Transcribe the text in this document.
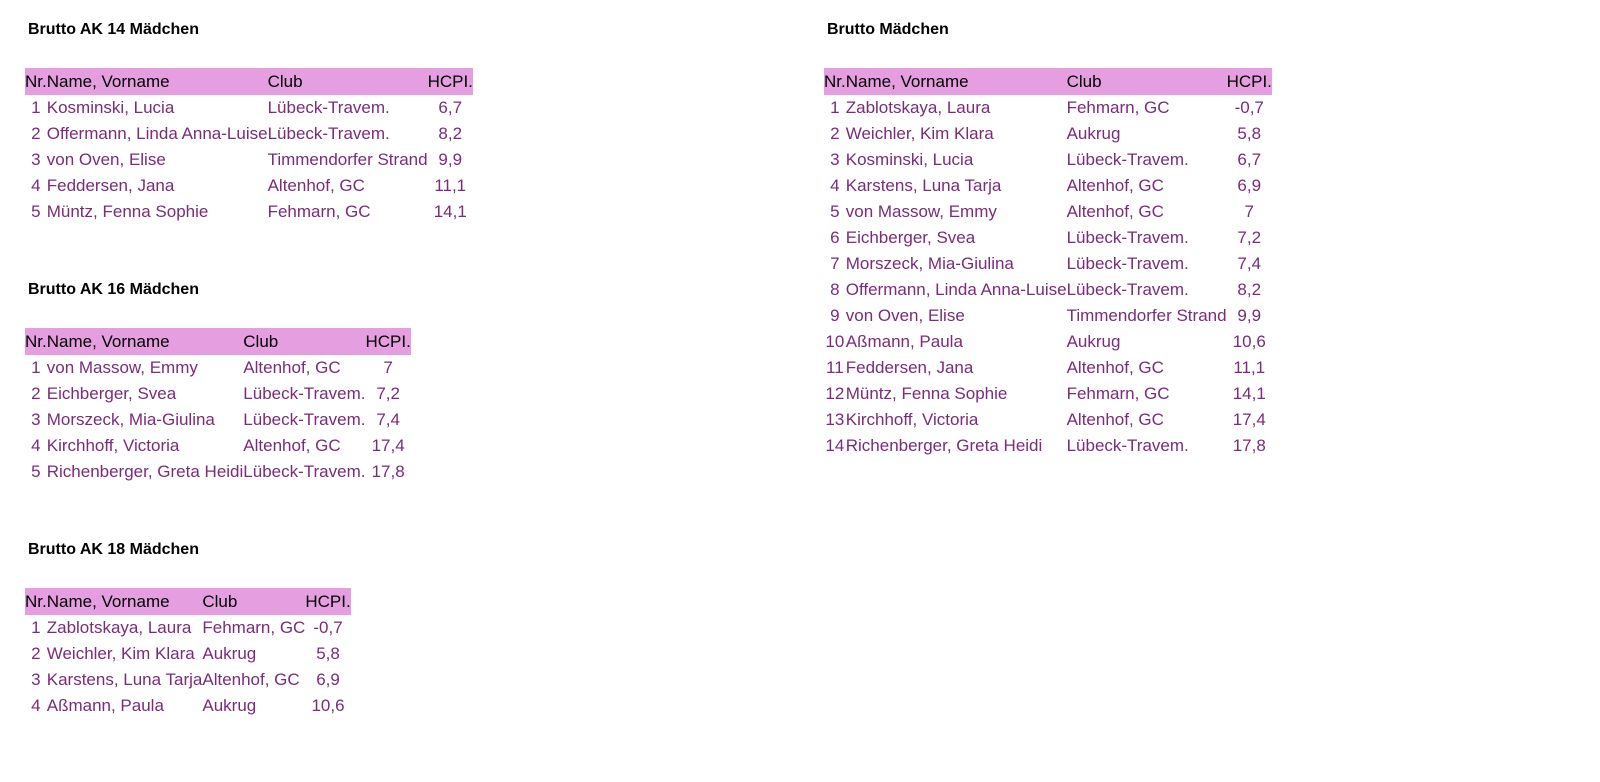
Brutto AK 14 Mädchen
Nr.	Name, Vorname	Club	HCPI.
1	Kosminski, Lucia	Lübeck-Travem.	6,7
2	Offermann, Linda Anna-Luise	Lübeck-Travem.	8,2
3	von Oven, Elise	Timmendorfer Strand	9,9
4	Feddersen, Jana	Altenhof, GC	11,1
5	Müntz, Fenna Sophie	Fehmarn, GC	14,1
Brutto AK 16 Mädchen
Nr.	Name, Vorname	Club	HCPI.
1	von Massow, Emmy	Altenhof, GC	7
2	Eichberger, Svea	Lübeck-Travem.	7,2
3	Morszeck, Mia-Giulina	Lübeck-Travem.	7,4
4	Kirchhoff, Victoria	Altenhof, GC	17,4
5	Richenberger, Greta Heidi	Lübeck-Travem.	17,8
Brutto AK 18 Mädchen
Nr.	Name, Vorname	Club	HCPI.
1	Zablotskaya, Laura	Fehmarn, GC	-0,7
2	Weichler, Kim Klara	Aukrug	5,8
3	Karstens, Luna Tarja	Altenhof, GC	6,9
4	Aßmann, Paula	Aukrug	10,6
Brutto Mädchen
Nr.	Name, Vorname	Club	HCPI.
1	Zablotskaya, Laura	Fehmarn, GC	-0,7
2	Weichler, Kim Klara	Aukrug	5,8
3	Kosminski, Lucia	Lübeck-Travem.	6,7
4	Karstens, Luna Tarja	Altenhof, GC	6,9
5	von Massow, Emmy	Altenhof, GC	7
6	Eichberger, Svea	Lübeck-Travem.	7,2
7	Morszeck, Mia-Giulina	Lübeck-Travem.	7,4
8	Offermann, Linda Anna-Luise	Lübeck-Travem.	8,2
9	von Oven, Elise	Timmendorfer Strand	9,9
10	Aßmann, Paula	Aukrug	10,6
11	Feddersen, Jana	Altenhof, GC	11,1
12	Müntz, Fenna Sophie	Fehmarn, GC	14,1
13	Kirchhoff, Victoria	Altenhof, GC	17,4
14	Richenberger, Greta Heidi	Lübeck-Travem.	17,8
